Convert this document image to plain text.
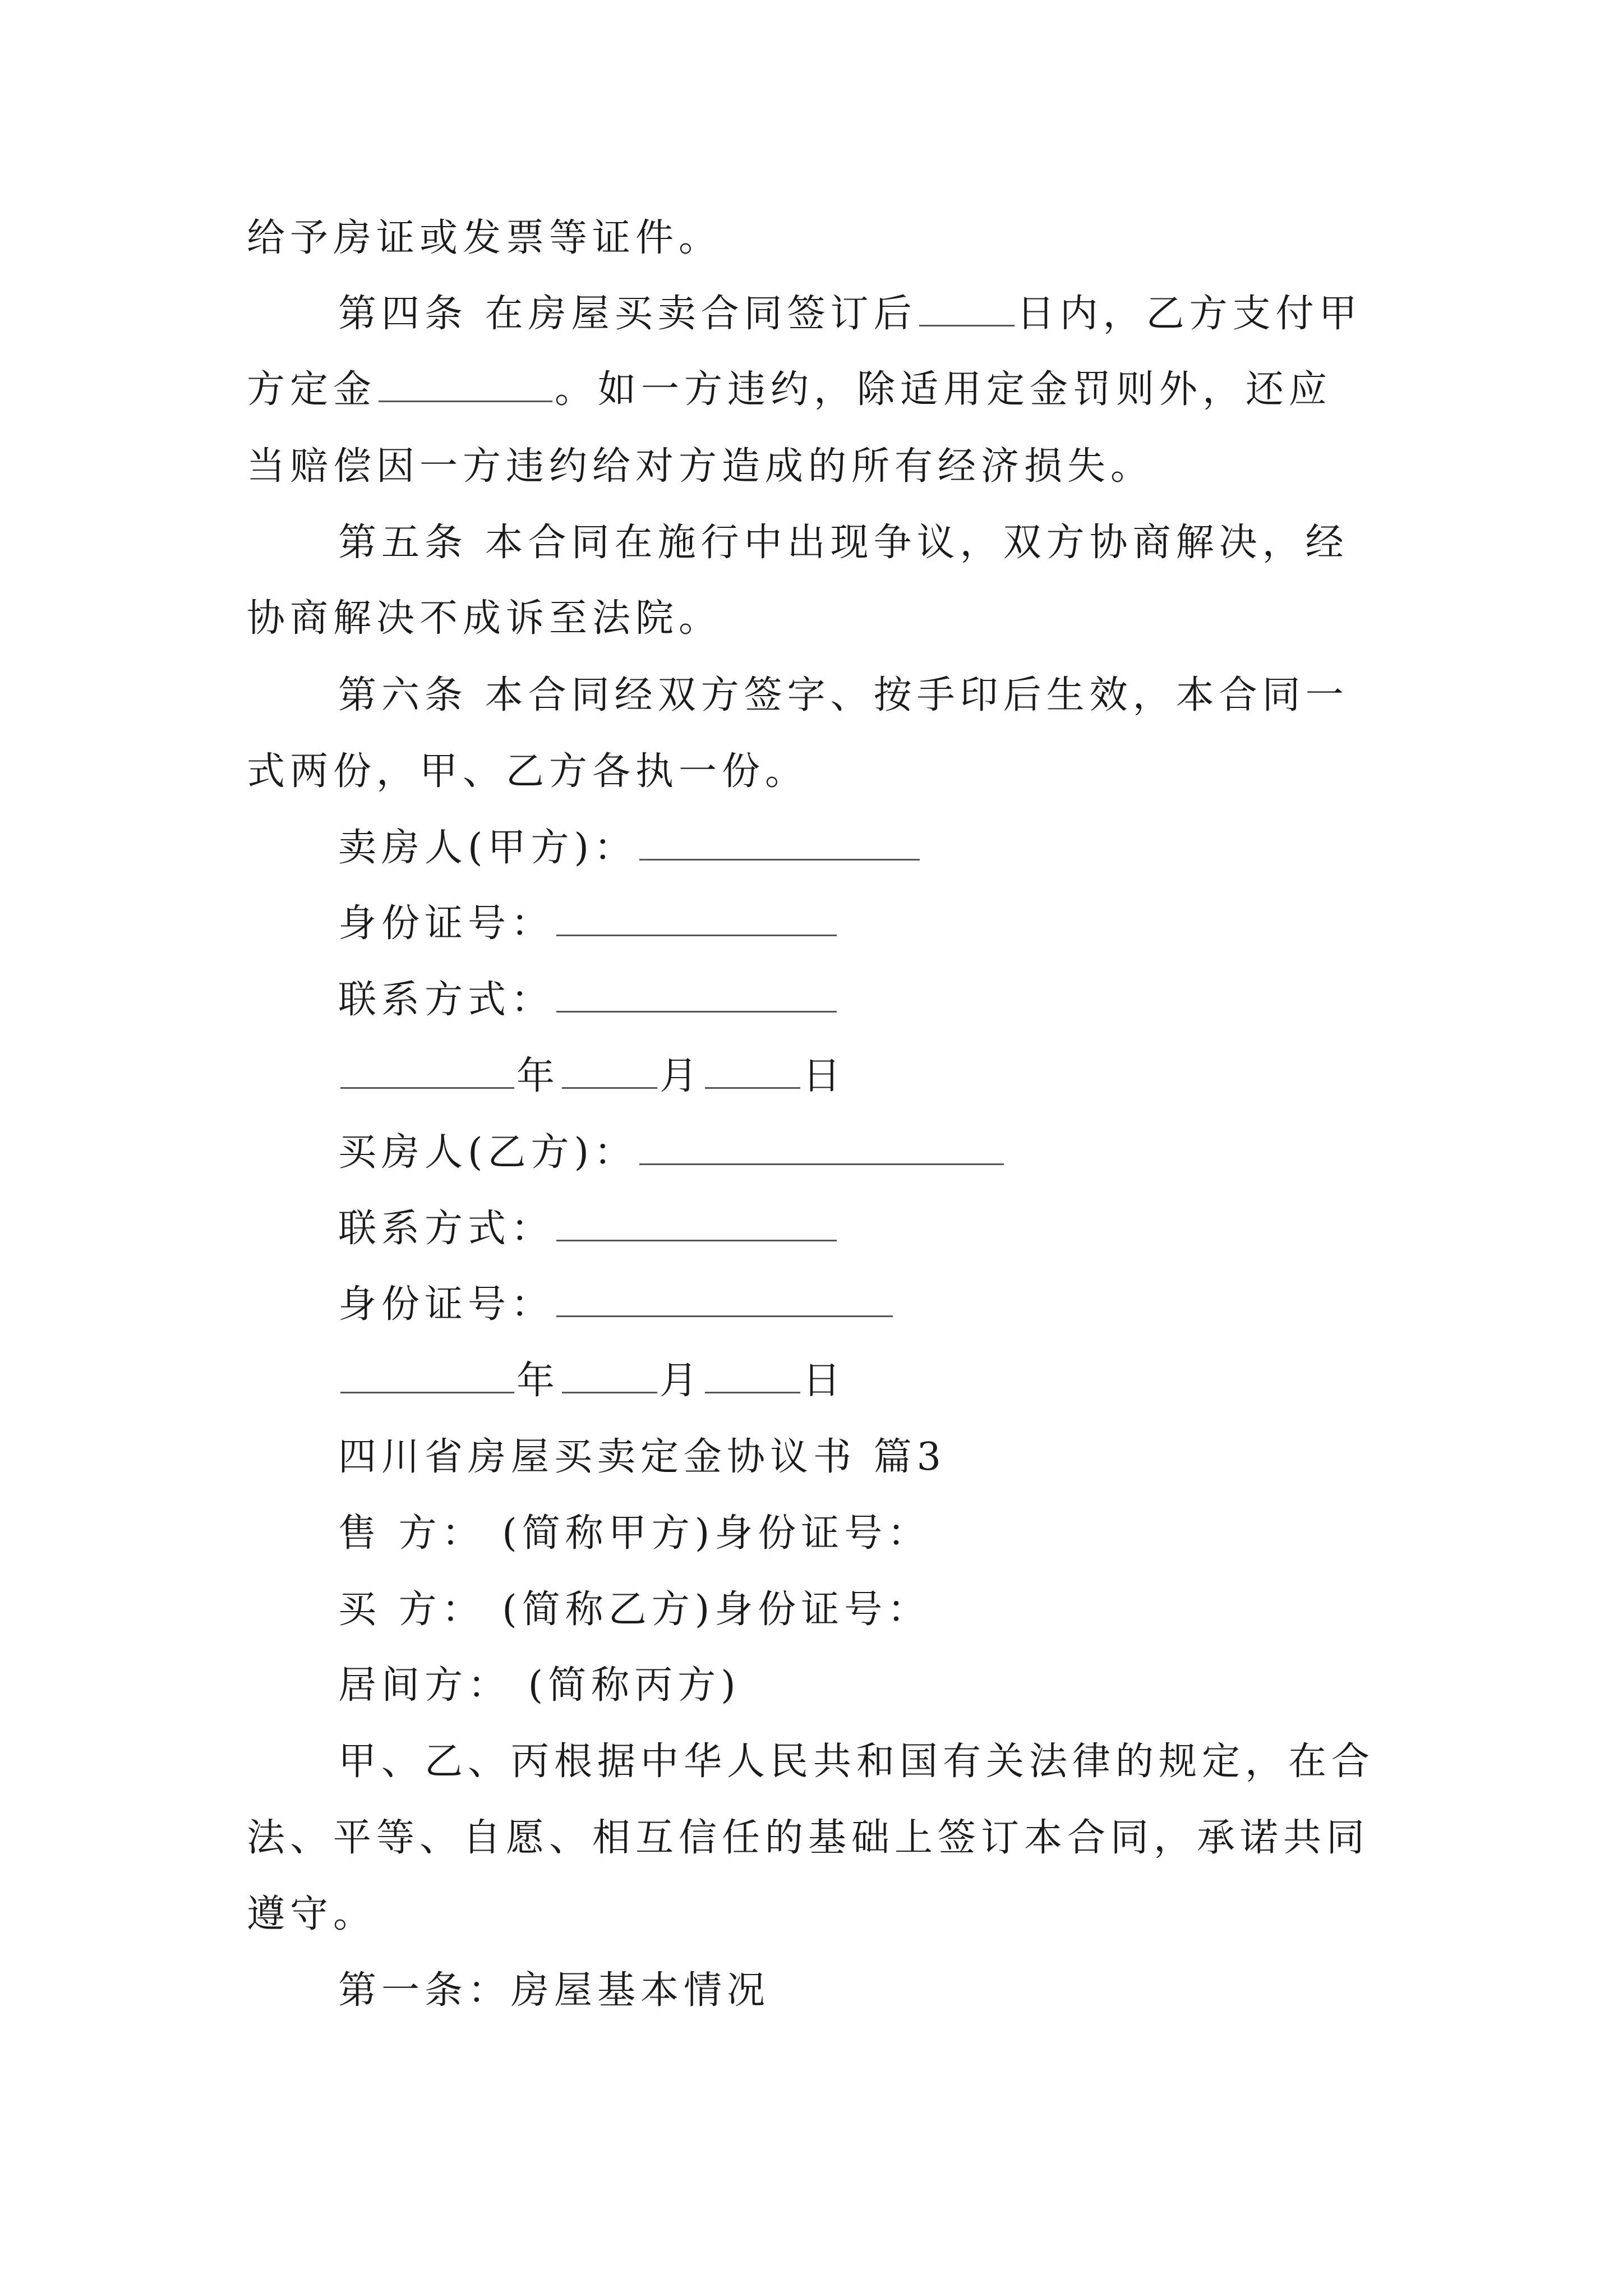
给予房证或发票等证件。
第四条 在房屋买卖合同签订后	日内，乙方支付甲
方定金	。如一方违约，除适用定金罚则外，还应
当赔偿因一方违约给对方造成的所有经济损失。
第五条 本合同在施行中出现争议，双方协商解决，经
协商解决不成诉至法院。
第六条 本合同经双方签字、按手印后生效，本合同一
式两份，甲、乙方各执一份。
卖房人(甲方)：
身份证号：
联系方式：
年	月	日
买房人(乙方)：
联系方式：
身份证号：
年	月	日
四川省房屋买卖定金协议书 篇3
售 方： (简称甲方)身份证号：
买 方： (简称乙方)身份证号：
居间方： (简称丙方)
甲、乙、丙根据中华人民共和国有关法律的规定，在合
法、平等、自愿、相互信任的基础上签订本合同，承诺共同
遵守。
第一条：房屋基本情况
